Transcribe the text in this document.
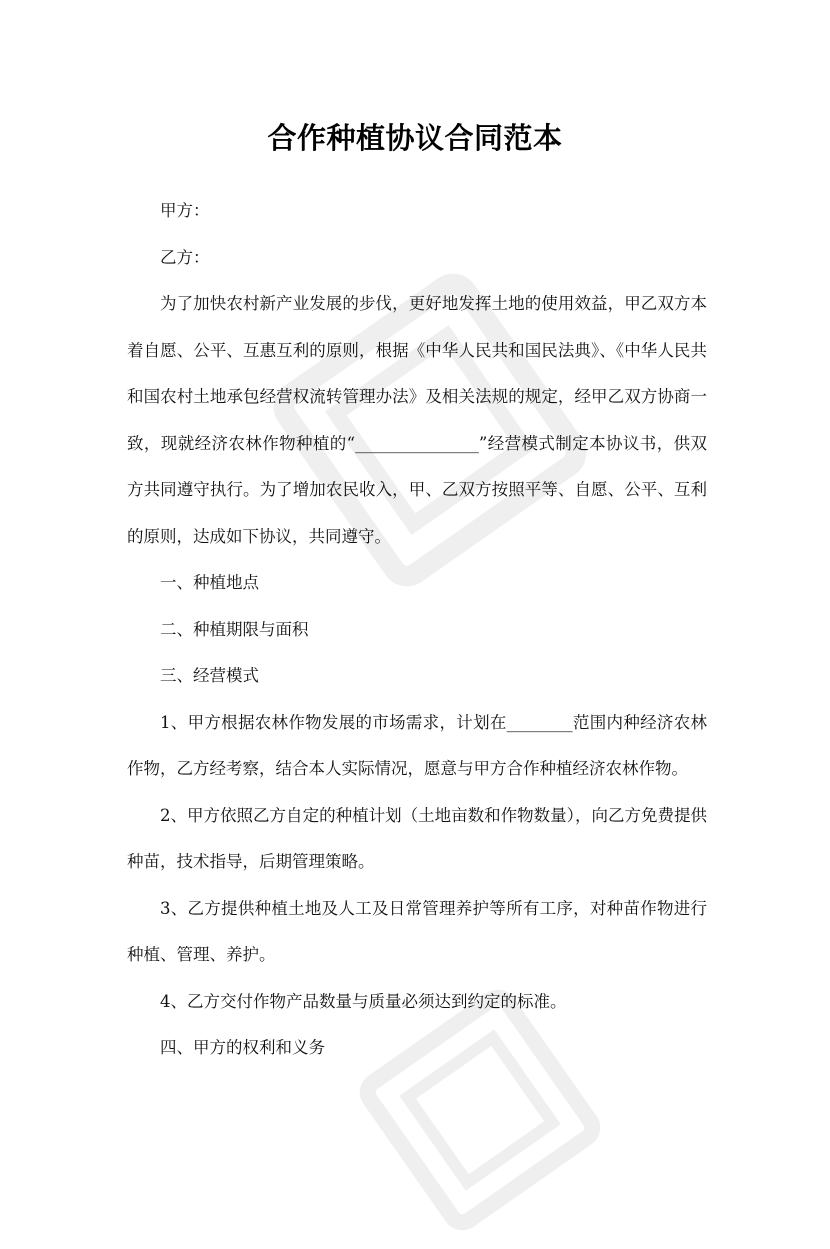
合作种植协议合同范本

甲方：

乙方：

为了加快农村新产业发展的步伐，更好地发挥土地的使用效益，甲乙双方本着自愿、公平、互惠互利的原则，根据《中华人民共和国民法典》、《中华人民共和国农村土地承包经营权流转管理办法》及相关法规的规定，经甲乙双方协商一致，现就经济农林作物种植的“_______________”经营模式制定本协议书，供双方共同遵守执行。为了增加农民收入，甲、乙双方按照平等、自愿、公平、互利的原则，达成如下协议，共同遵守。

一、种植地点

二、种植期限与面积

三、经营模式

1、甲方根据农林作物发展的市场需求，计划在________范围内种经济农林作物，乙方经考察，结合本人实际情况，愿意与甲方合作种植经济农林作物。

2、甲方依照乙方自定的种植计划（土地亩数和作物数量），向乙方免费提供种苗，技术指导，后期管理策略。

3、乙方提供种植土地及人工及日常管理养护等所有工序，对种苗作物进行种植、管理、养护。

4、乙方交付作物产品数量与质量必须达到约定的标准。

四、甲方的权利和义务
